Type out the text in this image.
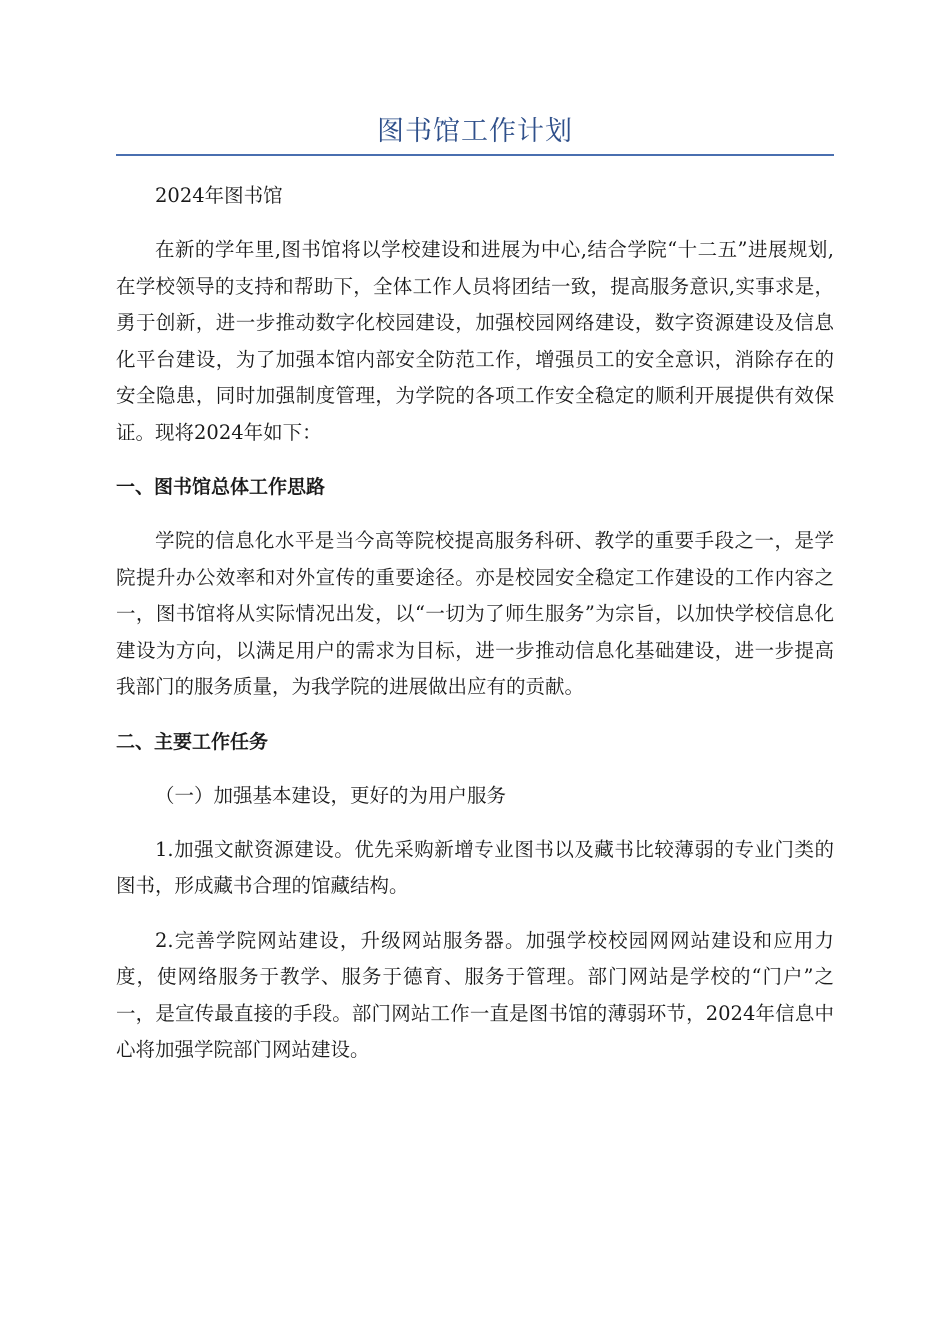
图书馆工作计划
2024年图书馆

在新的学年里,图书馆将以学校建设和进展为中心,结合学院“十二五”进展规划,在学校领导的支持和帮助下，全体工作人员将团结一致，提高服务意识,实事求是，勇于创新，进一步推动数字化校园建设，加强校园网络建设，数字资源建设及信息化平台建设，为了加强本馆内部安全防范工作，增强员工的安全意识，消除存在的安全隐患，同时加强制度管理，为学院的各项工作安全稳定的顺利开展提供有效保证。现将2024年如下：

一、图书馆总体工作思路

学院的信息化水平是当今高等院校提高服务科研、教学的重要手段之一，是学院提升办公效率和对外宣传的重要途径。亦是校园安全稳定工作建设的工作内容之一，图书馆将从实际情况出发，以“一切为了师生服务”为宗旨，以加快学校信息化建设为方向，以满足用户的需求为目标，进一步推动信息化基础建设，进一步提高我部门的服务质量，为我学院的进展做出应有的贡献。

二、主要工作任务
（一）加强基本建设，更好的为用户服务

1.加强文献资源建设。优先采购新增专业图书以及藏书比较薄弱的专业门类的图书，形成藏书合理的馆藏结构。

2.完善学院网站建设，升级网站服务器。加强学校校园网网站建设和应用力度，使网络服务于教学、服务于德育、服务于管理。部门网站是学校的“门户”之一，是宣传最直接的手段。部门网站工作一直是图书馆的薄弱环节，2024年信息中心将加强学院部门网站建设。
